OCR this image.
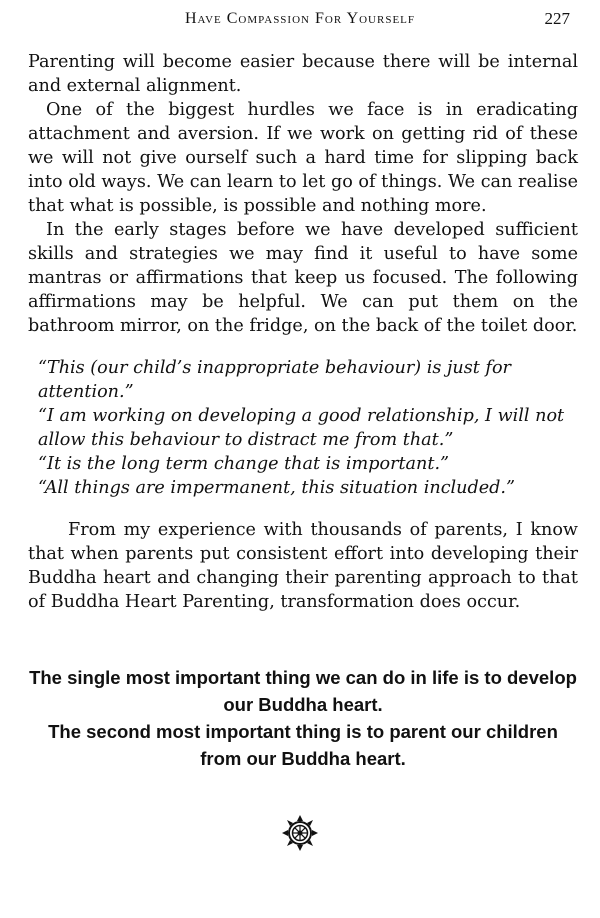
Have Compassion For Yourself	227

Parenting will become easier because there will be internal and external alignment.

One of the biggest hurdles we face is in eradicating attachment and aversion. If we work on getting rid of these we will not give ourself such a hard time for slipping back into old ways. We can learn to let go of things. We can realise that what is possible, is possible and nothing more.

In the early stages before we have developed sufficient skills and strategies we may find it useful to have some mantras or affirmations that keep us focused. The following affirmations may be helpful. We can put them on the bathroom mirror, on the fridge, on the back of the toilet door.

“This (our child’s inappropriate behaviour) is just for attention.”
“I am working on developing a good relationship, I will not allow this behaviour to distract me from that.”
“It is the long term change that is important.”
“All things are impermanent, this situation included.”

From my experience with thousands of parents, I know that when parents put consistent effort into developing their Buddha heart and changing their parenting approach to that of Buddha Heart Parenting, transformation does occur.

The single most important thing we can do in life is to develop our Buddha heart.
The second most important thing is to parent our children from our Buddha heart.
